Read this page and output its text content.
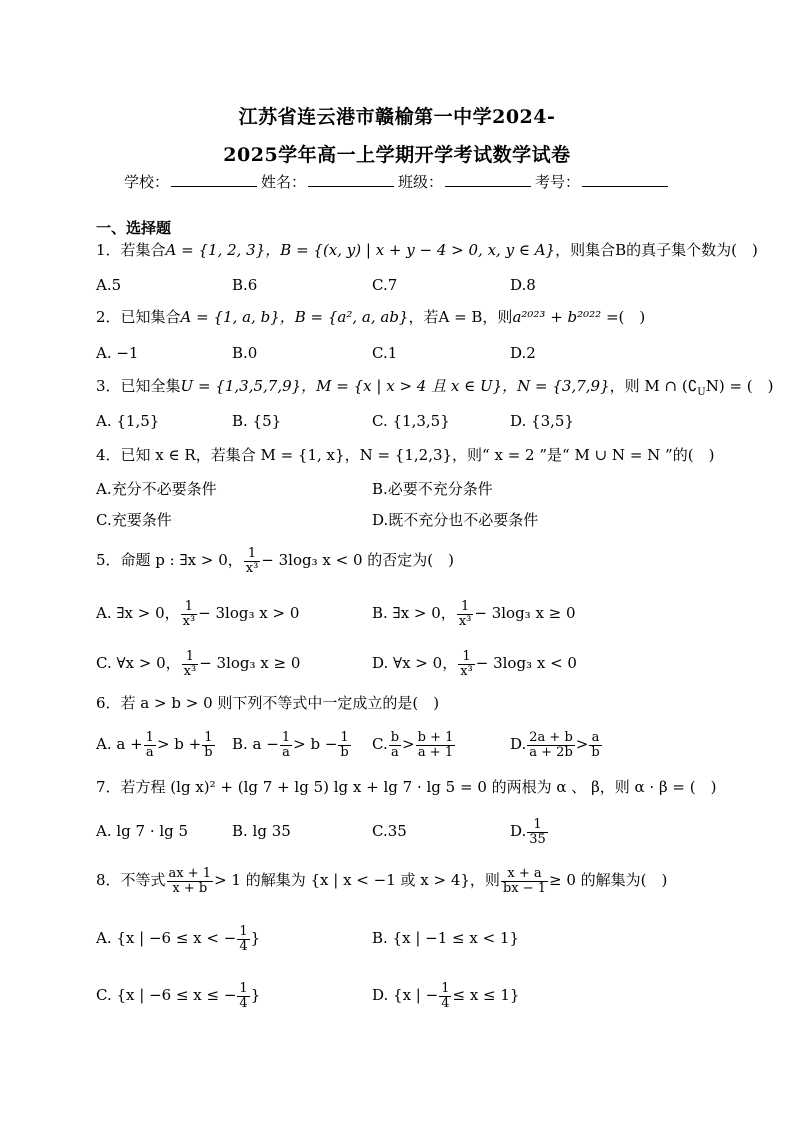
江苏省连云港市赣榆第一中学2024-
2025学年高一上学期开学考试数学试卷
学校：	姓名：	班级：	考号：
一、选择题
1．若集合A = {1, 2, 3}，B = {(x, y) | x + y − 4 > 0, x, y ∈ A}，则集合B的真子集个数为(　)
A.5	B.6	C.7	D.8
2．已知集合A = {1, a, b}，B = {a², a, ab}，若A = B，则a²⁰²³ + b²⁰²² =(　)
A. −1	B.0	C.1	D.2
3．已知全集U = {1,3,5,7,9}，M = {x | x > 4 且 x ∈ U}，N = {3,7,9}，则 M ∩ $(∁_UN)$ = (　)
A. {1,5}	B. {5}	C. {1,3,5}	D. {3,5}
4．已知 x ∈ R，若集合 M = {1, x}，N = {1,2,3}，则“ x = 2 ”是“ M ∪ N = N ”的(　)
A.充分不必要条件	B.必要不充分条件
C.充要条件	D.既不充分也不必要条件
5．命题 p : ∃x > 0， $\frac{1}{\text{x³}} - 3\log_3$ x < 0 的否定为(　)
A. ∃x > 0， $\frac{1}{\text{x³}} - 3\log_3$ x > 0	B. ∃x > 0， $\frac{1}{\text{x³}} - 3\log_3$ x ≥ 0
C. ∀x > 0， $\frac{1}{\text{x³}} - 3\log_3$ x ≥ 0	D. ∀x > 0， $\frac{1}{\text{x³}} - 3\log_3$ x < 0
6．若 a > b > 0 则下列不等式中一定成立的是(　)
A. $a + \frac{1}{a} > b + \frac{1}{b} B$. $a - \frac{1}{a} > b - \frac{1}{b} C$. $\frac{b}{a} > \frac{b + 1}{a + 1}$	D. $\frac{2a + b}{a + 2b} > \frac{a}{b}$
7．若方程 (lg x)² + (lg 7 + lg 5) lg x + lg 7 · lg 5 = 0 的两根为 α 、 β，则 α · β = (　)
A. lg 7 · lg 5	B. lg 35	C.35	D. $\frac{1}{35}$
8．不等式 $\frac{ax + 1}{x + b} > 1$ 的解集为 {x | x < −1 或 x > 4}，则 $\frac{x + a}{bx - 1} \ge 0$ 的解集为(　)
A. {x | −6 ≤ x < − $\frac{1}{4}$ }	B. {x | −1 ≤ x < 1}
C. {x | −6 ≤ x ≤ − $\frac{1}{4}$ }	D. {x | − $\frac{1}{4} \le x \le 1$}
